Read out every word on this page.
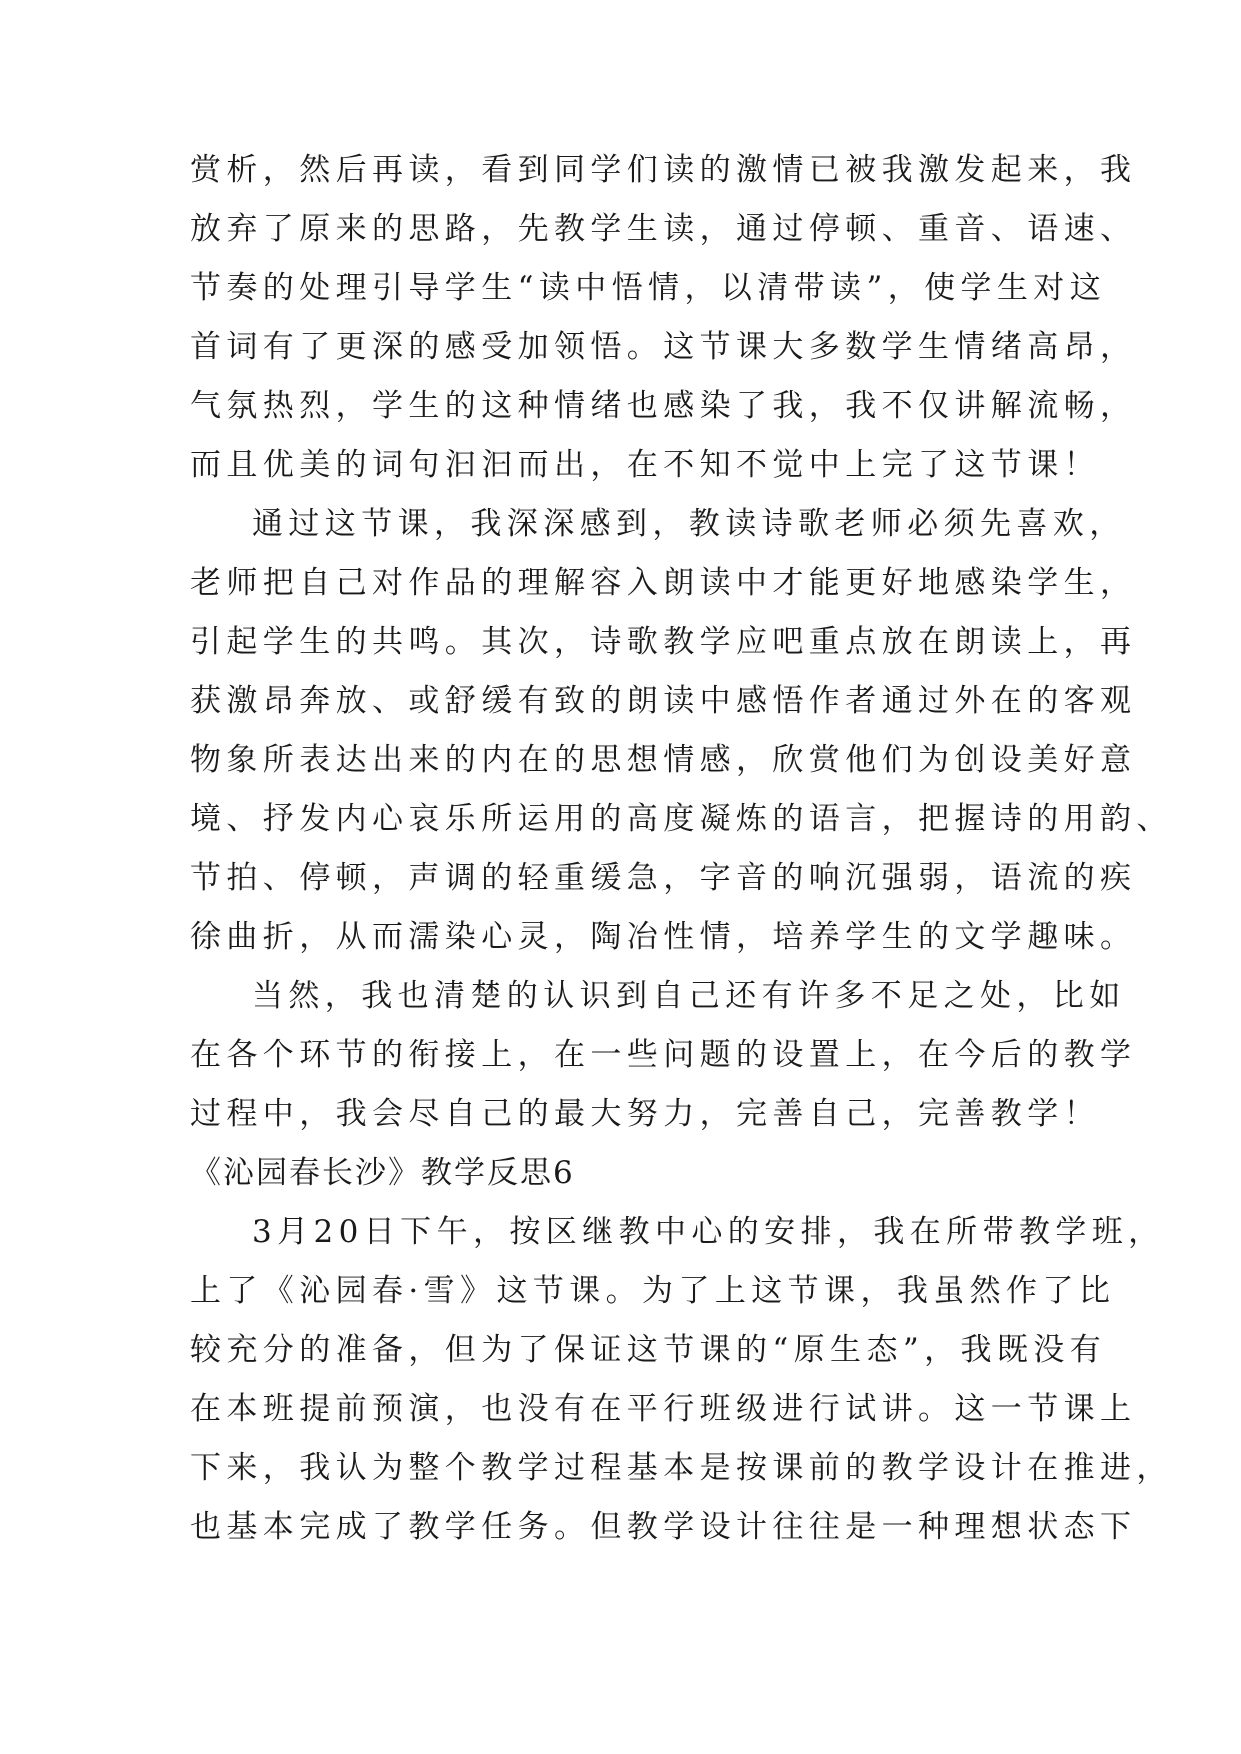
赏析，然后再读，看到同学们读的激情已被我激发起来，我
放弃了原来的思路，先教学生读，通过停顿、重音、语速、
节奏的处理引导学生“读中悟情，以清带读”，使学生对这
首词有了更深的感受加领悟。这节课大多数学生情绪高昂，
气氛热烈，学生的这种情绪也感染了我，我不仅讲解流畅，
而且优美的词句汩汩而出，在不知不觉中上完了这节课！
通过这节课，我深深感到，教读诗歌老师必须先喜欢，
老师把自己对作品的理解容入朗读中才能更好地感染学生，
引起学生的共鸣。其次，诗歌教学应吧重点放在朗读上，再
获激昂奔放、或舒缓有致的朗读中感悟作者通过外在的客观
物象所表达出来的内在的思想情感，欣赏他们为创设美好意
境、抒发内心哀乐所运用的高度凝炼的语言，把握诗的用韵、
节拍、停顿，声调的轻重缓急，字音的响沉强弱，语流的疾
徐曲折，从而濡染心灵，陶冶性情，培养学生的文学趣味。
当然，我也清楚的认识到自己还有许多不足之处，比如
在各个环节的衔接上，在一些问题的设置上，在今后的教学
过程中，我会尽自己的最大努力，完善自己，完善教学！
《沁园春长沙》教学反思6
3月20日下午，按区继教中心的安排，我在所带教学班，
上了《沁园春·雪》这节课。为了上这节课，我虽然作了比
较充分的准备，但为了保证这节课的“原生态”，我既没有
在本班提前预演，也没有在平行班级进行试讲。这一节课上
下来，我认为整个教学过程基本是按课前的教学设计在推进，
也基本完成了教学任务。但教学设计往往是一种理想状态下
